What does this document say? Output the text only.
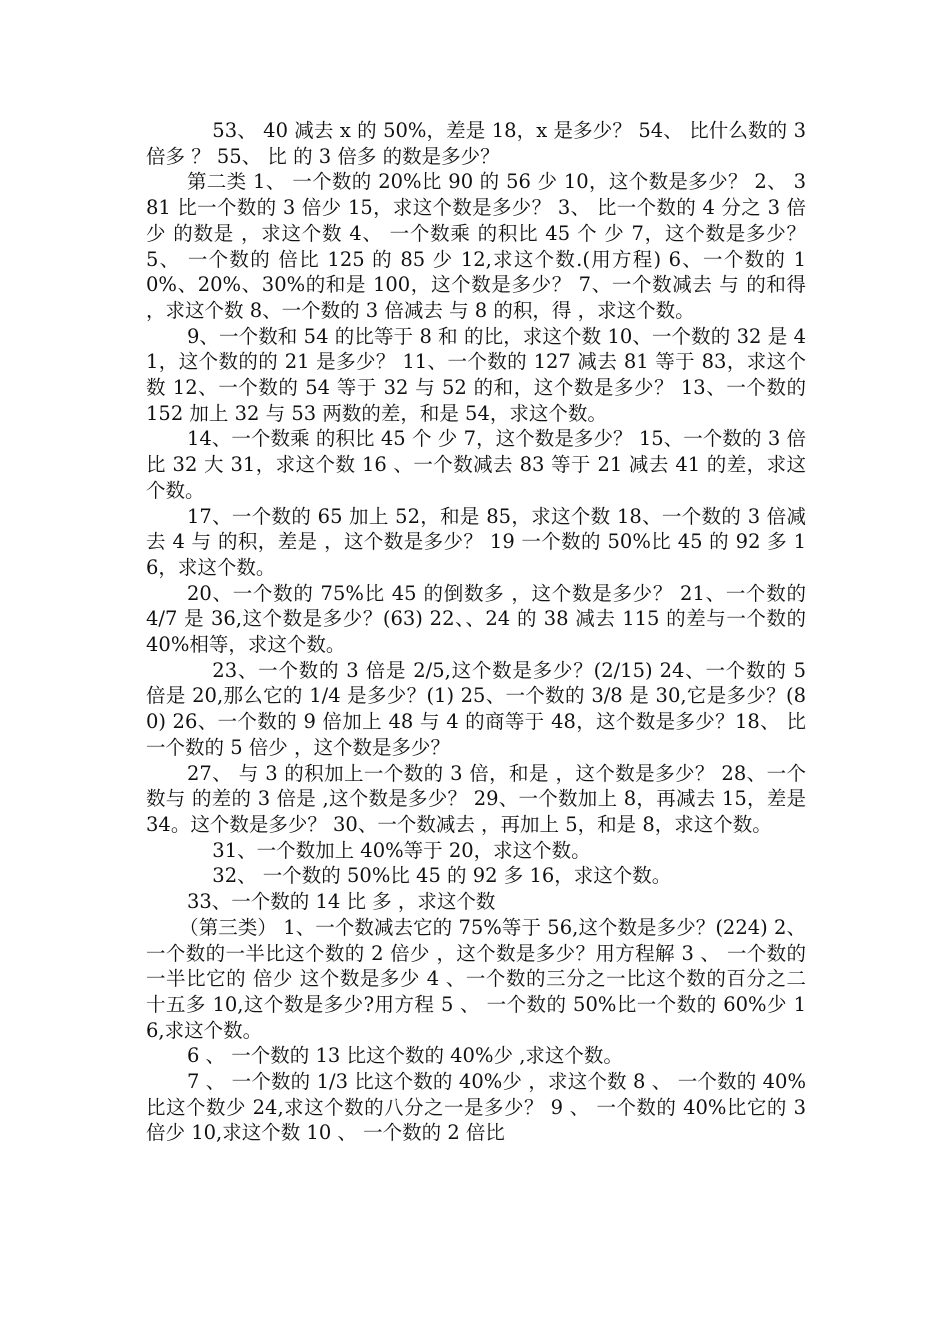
53、 40 减去 x 的 50%，差是 18，x 是多少？ 54、 比什么数的 3 倍多 ？ 55、 比 的 3 倍多 的数是多少？

第二类 1、 一个数的 20%比 90 的 56 少 10，这个数是多少？ 2、 381 比一个数的 3 倍少 15，求这个数是多少？ 3、 比一个数的 4 分之 3 倍少 的数是 ，求这个数 4、 一个数乘 的积比 45 个 少 7，这个数是多少？ 5、 一个数的 倍比 125 的 85 少 12,求这个数.(用方程) 6、一个数的 10%、20%、30%的和是 100，这个数是多少？ 7、一个数减去 与 的和得 ，求这个数 8、一个数的 3 倍减去 与 8 的积，得 ，求这个数。

9、一个数和 54 的比等于 8 和 的比，求这个数 10、一个数的 32 是 41，这个数的的 21 是多少？ 11、一个数的 127 减去 81 等于 83，求这个数 12、一个数的 54 等于 32 与 52 的和，这个数是多少？ 13、一个数的 152 加上 32 与 53 两数的差，和是 54，求这个数。

14、一个数乘 的积比 45 个 少 7，这个数是多少？ 15、一个数的 3 倍比 32 大 31，求这个数 16 、一个数减去 83 等于 21 减去 41 的差，求这个数。

17、一个数的 65 加上 52，和是 85，求这个数 18、一个数的 3 倍减去 4 与 的积，差是 ，这个数是多少？ 19 一个数的 50%比 45 的 92 多 16，求这个数。

20、一个数的 75%比 45 的倒数多 ，这个数是多少？ 21、一个数的 4/7 是 36,这个数是多少？(63) 22、、24 的 38 减去 115 的差与一个数的 40%相等，求这个数。

23、一个数的 3 倍是 2/5,这个数是多少？(2/15) 24、一个数的 5 倍是 20,那么它的 1/4 是多少？(1) 25、一个数的 3/8 是 30,它是多少？(80) 26、一个数的 9 倍加上 48 与 4 的商等于 48，这个数是多少？18、 比一个数的 5 倍少 ，这个数是多少？

27、 与 3 的积加上一个数的 3 倍，和是 ，这个数是多少？ 28、一个数与 的差的 3 倍是 ,这个数是多少？ 29、一个数加上 8，再减去 15，差是 34。这个数是多少？ 30、一个数减去 ，再加上 5，和是 8，求这个数。

31、一个数加上 40%等于 20，求这个数。

32、 一个数的 50%比 45 的 92 多 16，求这个数。

33、一个数的 14 比 多 ，求这个数

（第三类） 1、一个数减去它的 75%等于 56,这个数是多少？(224) 2、一个数的一半比这个数的 2 倍少 ，这个数是多少？用方程解 3 、 一个数的一半比它的 倍少 这个数是多少 4 、一个数的三分之一比这个数的百分之二十五多 10,这个数是多少?用方程 5 、 一个数的 50%比一个数的 60%少 16,求这个数。

6 、 一个数的 13 比这个数的 40%少 ,求这个数。

7 、 一个数的 1/3 比这个数的 40%少 ，求这个数 8 、 一个数的 40%比这个数少 24,求这个数的八分之一是多少？ 9 、 一个数的 40%比它的 3 倍少 10,求这个数 10 、 一个数的 2 倍比
